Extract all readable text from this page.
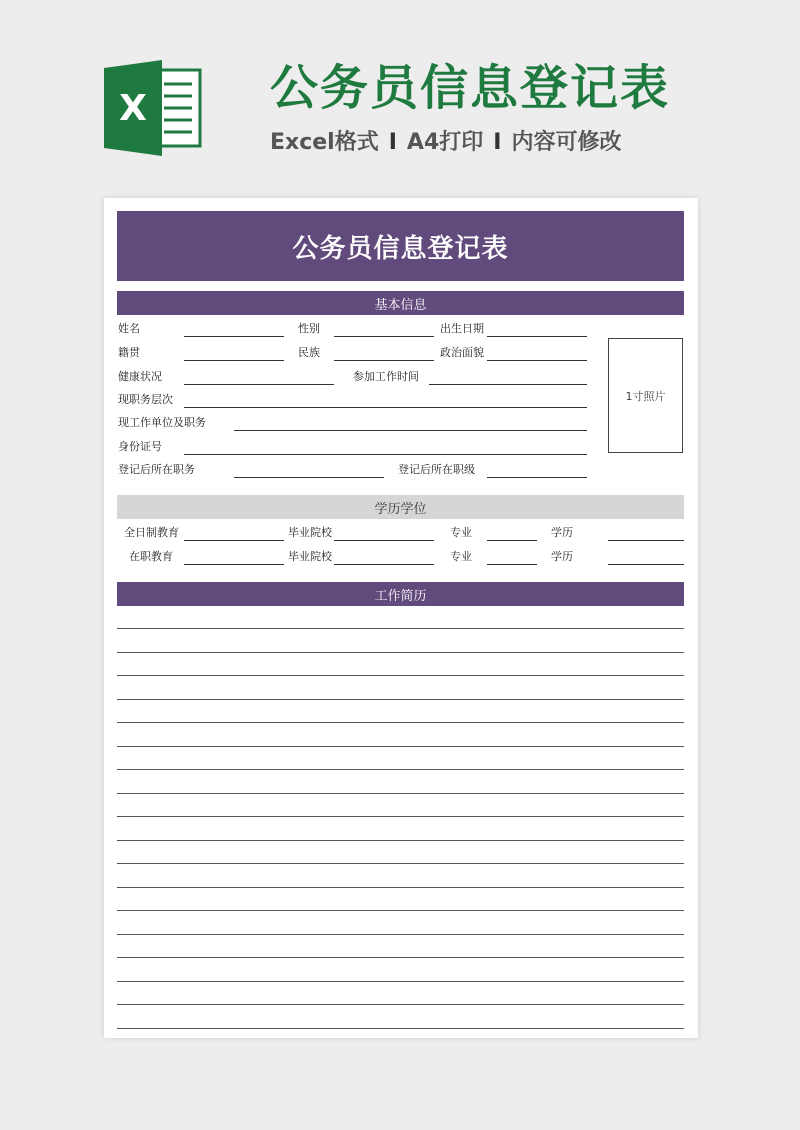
X	公务员信息登记表
Excel格式 I A4打印 I 内容可修改
公务员信息登记表
基本信息
姓名	性别	出生日期
籍贯	民族	政治面貌
健康状况	参加工作时间
现职务层次
现工作单位及职务
身份证号
登记后所在职务	登记后所在职级
1寸照片
学历学位
全日制教育	毕业院校	专业	学历
在职教育	毕业院校	专业	学历
工作简历
